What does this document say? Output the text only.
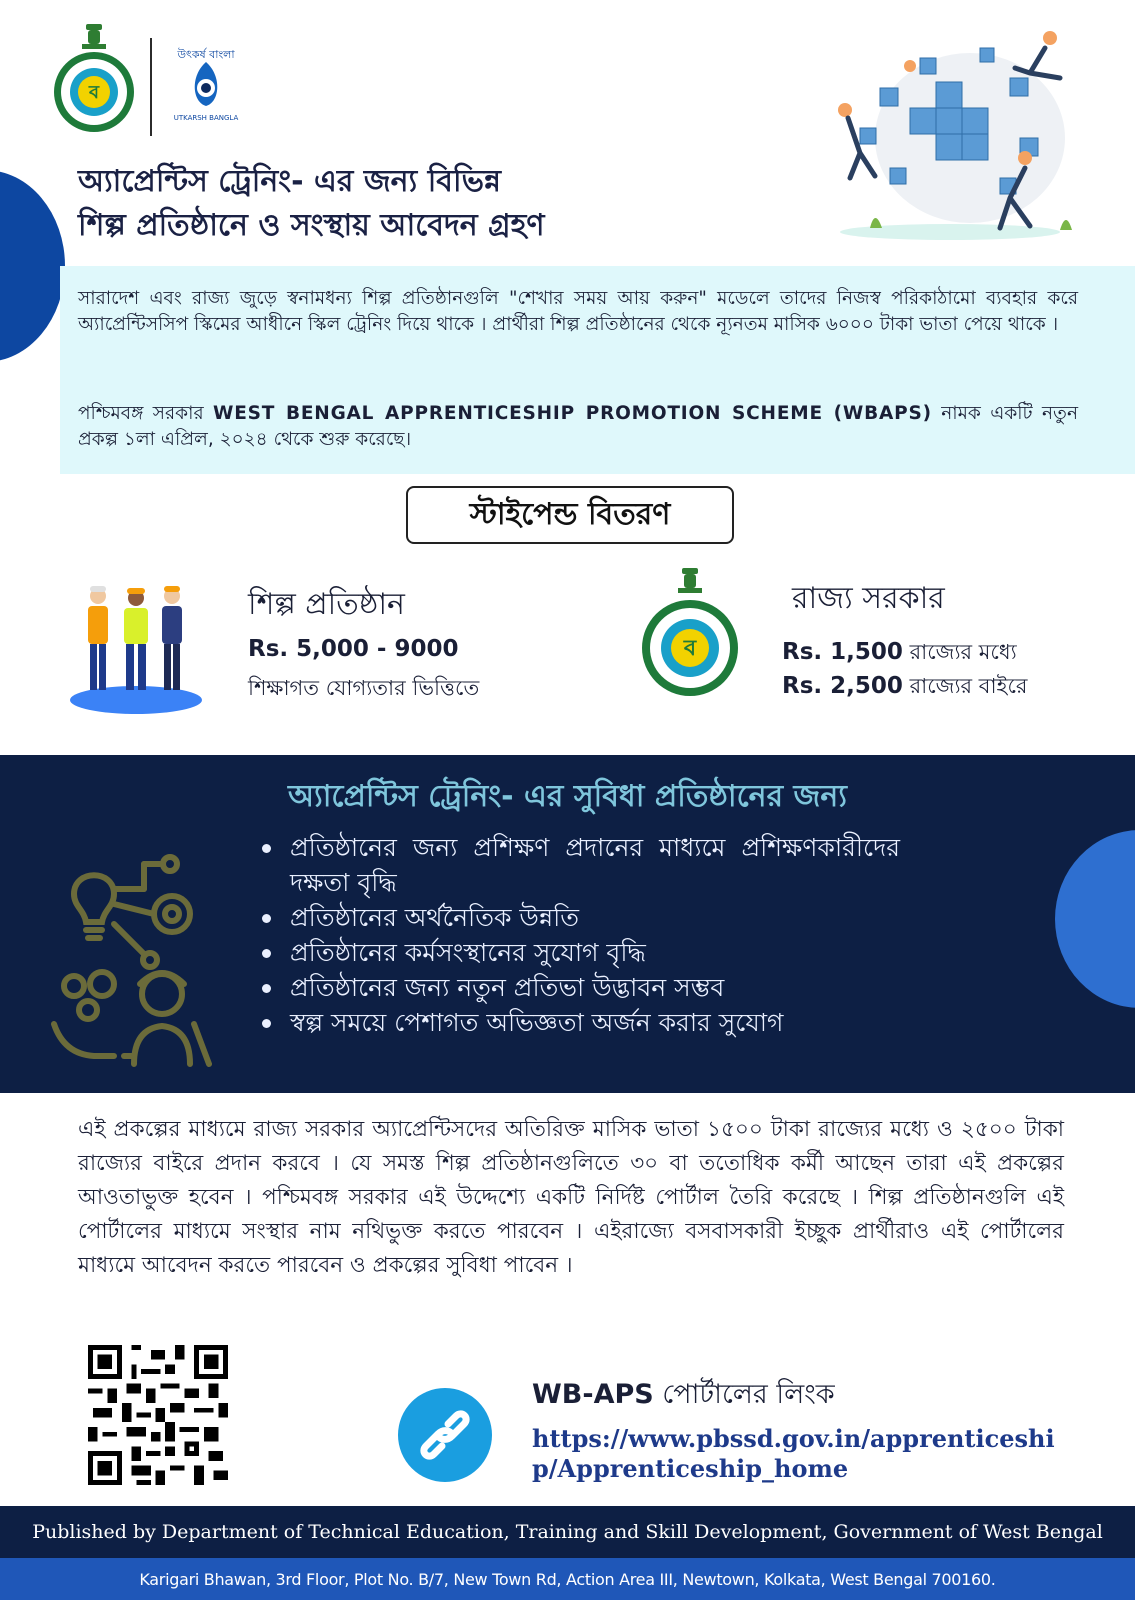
ব
উৎকর্ষ বাংলা
UTKARSH BANGLA
অ্যাপ্রেন্টিস ট্রেনিং- এর জন্য বিভিন্ন
শিল্প প্রতিষ্ঠানে ও সংস্থায় আবেদন গ্রহণ

সারাদেশ এবং রাজ্য জুড়ে স্বনামধন্য শিল্প প্রতিষ্ঠানগুলি "শেখার সময় আয় করুন" মডেলে তাদের নিজস্ব পরিকাঠামো ব্যবহার করে অ্যাপ্রেন্টিসসিপ স্কিমের আধীনে স্কিল ট্রেনিং দিয়ে থাকে । প্রার্থীরা শিল্প প্রতিষ্ঠানের থেকে ন্যূনতম মাসিক ৬০০০ টাকা ভাতা পেয়ে থাকে ।

পশ্চিমবঙ্গ সরকার WEST BENGAL APPRENTICESHIP PROMOTION SCHEME (WBAPS) নামক একটি নতুন প্রকল্প ১লা এপ্রিল, ২০২৪ থেকে শুরু করেছে।

স্টাইপেন্ড বিতরণ
শিল্প প্রতিষ্ঠান
Rs. 5,000 - 9000
শিক্ষাগত যোগ্যতার ভিত্তিতে
ব
রাজ্য সরকার
Rs. 1,500 রাজ্যের মধ্যে
Rs. 2,500 রাজ্যের বাইরে
অ্যাপ্রেন্টিস ট্রেনিং- এর সুবিধা প্রতিষ্ঠানের জন্য
প্রতিষ্ঠানের জন্য প্রশিক্ষণ প্রদানের মাধ্যমে প্রশিক্ষণকারীদের দক্ষতা বৃদ্ধি
প্রতিষ্ঠানের অর্থনৈতিক উন্নতি
প্রতিষ্ঠানের কর্মসংস্থানের সুযোগ বৃদ্ধি
প্রতিষ্ঠানের জন্য নতুন প্রতিভা উদ্ভাবন সম্ভব
স্বল্প সময়ে পেশাগত অভিজ্ঞতা অর্জন করার সুযোগ

এই প্রকল্পের মাধ্যমে রাজ্য সরকার অ্যাপ্রেন্টিসদের অতিরিক্ত মাসিক ভাতা ১৫০০ টাকা রাজ্যের মধ্যে ও ২৫০০ টাকা রাজ্যের বাইরে প্রদান করবে । যে সমস্ত শিল্প প্রতিষ্ঠানগুলিতে ৩০ বা ততোধিক কর্মী আছেন তারা এই প্রকল্পের আওতাভুক্ত হবেন । পশ্চিমবঙ্গ সরকার এই উদ্দেশ্যে একটি নির্দিষ্ট পোর্টাল তৈরি করেছে । শিল্প প্রতিষ্ঠানগুলি এই পোর্টালের মাধ্যমে সংস্থার নাম নথিভুক্ত করতে পারবেন । এইরাজ্যে বসবাসকারী ইচ্ছুক প্রার্থীরাও এই পোর্টালের মাধ্যমে আবেদন করতে পারবেন ও প্রকল্পের সুবিধা পাবেন ।

WB-APS পোর্টালের লিংক
https://www.pbssd.gov.in/apprenticeship/Apprenticeship_home
Published by Department of Technical Education, Training and Skill Development, Government of West Bengal
Karigari Bhawan, 3rd Floor, Plot No. B/7, New Town Rd, Action Area III, Newtown, Kolkata, West Bengal 700160.
